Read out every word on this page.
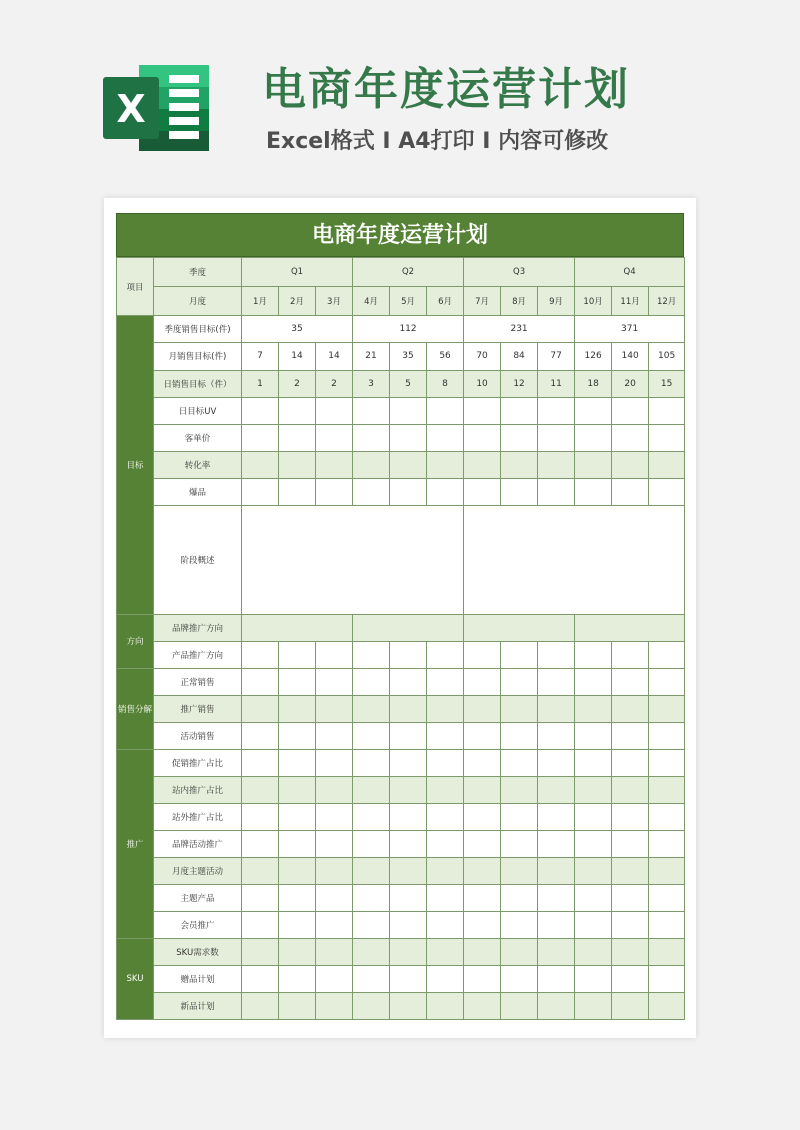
X	电商年度运营计划
Excel格式 I A4打印 I 内容可修改
电商年度运营计划
项目	季度	Q1			Q2			Q3			Q4		
	月度	1月	2月	3月	4月	5月	6月	7月	8月	9月	10月	11月	12月
目标	季度销售目标(件)	35			112			231			371		
	月销售目标(件)	7	14	14	21	35	56	70	84	77	126	140	105
	日销售目标（件）	1	2	2	3	5	8	10	12	11	18	20	15
	日目标UV												
	客单价												
	转化率												
	爆品												
	阶段概述												
方向	品牌推广方向												
	产品推广方向												
销售分解	正常销售												
	推广销售												
	活动销售												
推广	促销推广占比												
	站内推广占比												
	站外推广占比												
	品牌活动推广												
	月度主题活动												
	主题产品												
	会员推广												
SKU	SKU需求数												
	赠品计划												
	新品计划												
